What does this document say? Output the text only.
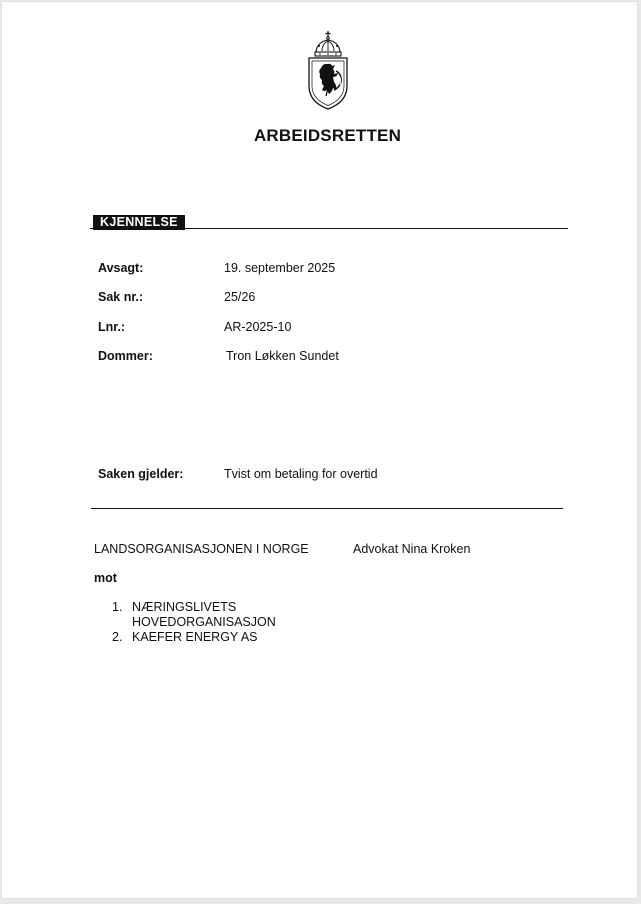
ARBEIDSRETTEN
KJENNELSE
Avsagt:	19. september 2025
Sak nr.:	25/26
Lnr.:	AR-2025-10
Dommer:	Tron Løkken Sundet
Saken gjelder:	Tvist om betaling for overtid
LANDSORGANISASJONEN I NORGE	Advokat Nina Kroken
mot
1. NÆRINGSLIVETS HOVEDORGANISASJON
2. KAEFER ENERGY AS
